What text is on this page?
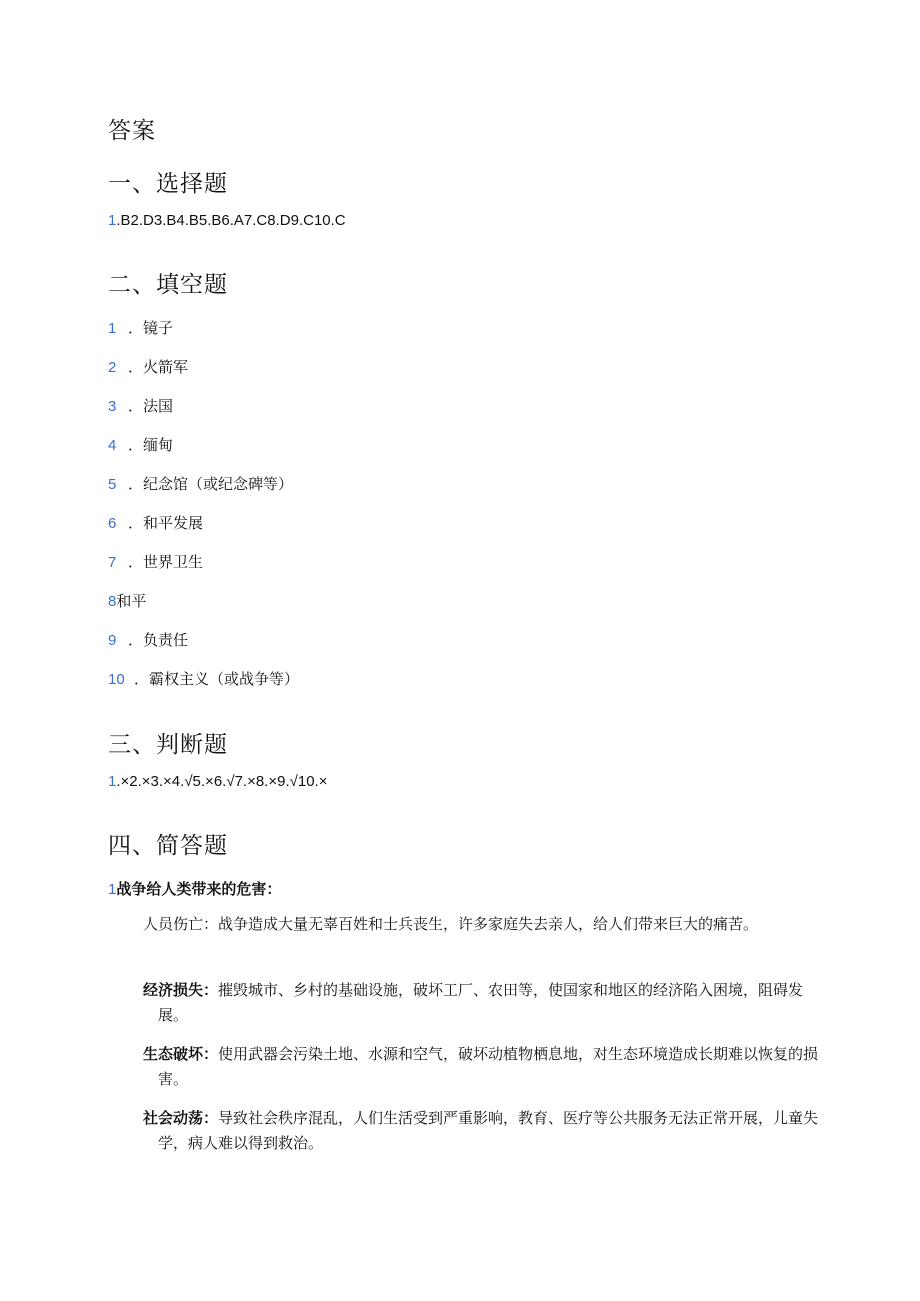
答案
一、选择题
1.B2.D3.B4.B5.B6.A7.C8.D9.C10.C
二、填空题
1 ．镜子
2 ．火箭军
3 ．法国
4 ．缅甸
5 ．纪念馆（或纪念碑等）
6 ．和平发展
7 ．世界卫生
8和平
9 ．负责任
10 ．霸权主义（或战争等）
三、判断题
1.×2.×3.×4.√5.×6.√7.×8.×9.√10.×
四、简答题
1战争给人类带来的危害：
人员伤亡：战争造成大量无辜百姓和士兵丧生，许多家庭失去亲人，给人们带来巨大的痛苦。
经济损失：摧毁城市、乡村的基础设施，破坏工厂、农田等，使国家和地区的经济陷入困境，阻碍发展。
生态破坏：使用武器会污染土地、水源和空气，破坏动植物栖息地，对生态环境造成长期难以恢复的损害。
社会动荡：导致社会秩序混乱，人们生活受到严重影响，教育、医疗等公共服务无法正常开展，儿童失学，病人难以得到救治。
